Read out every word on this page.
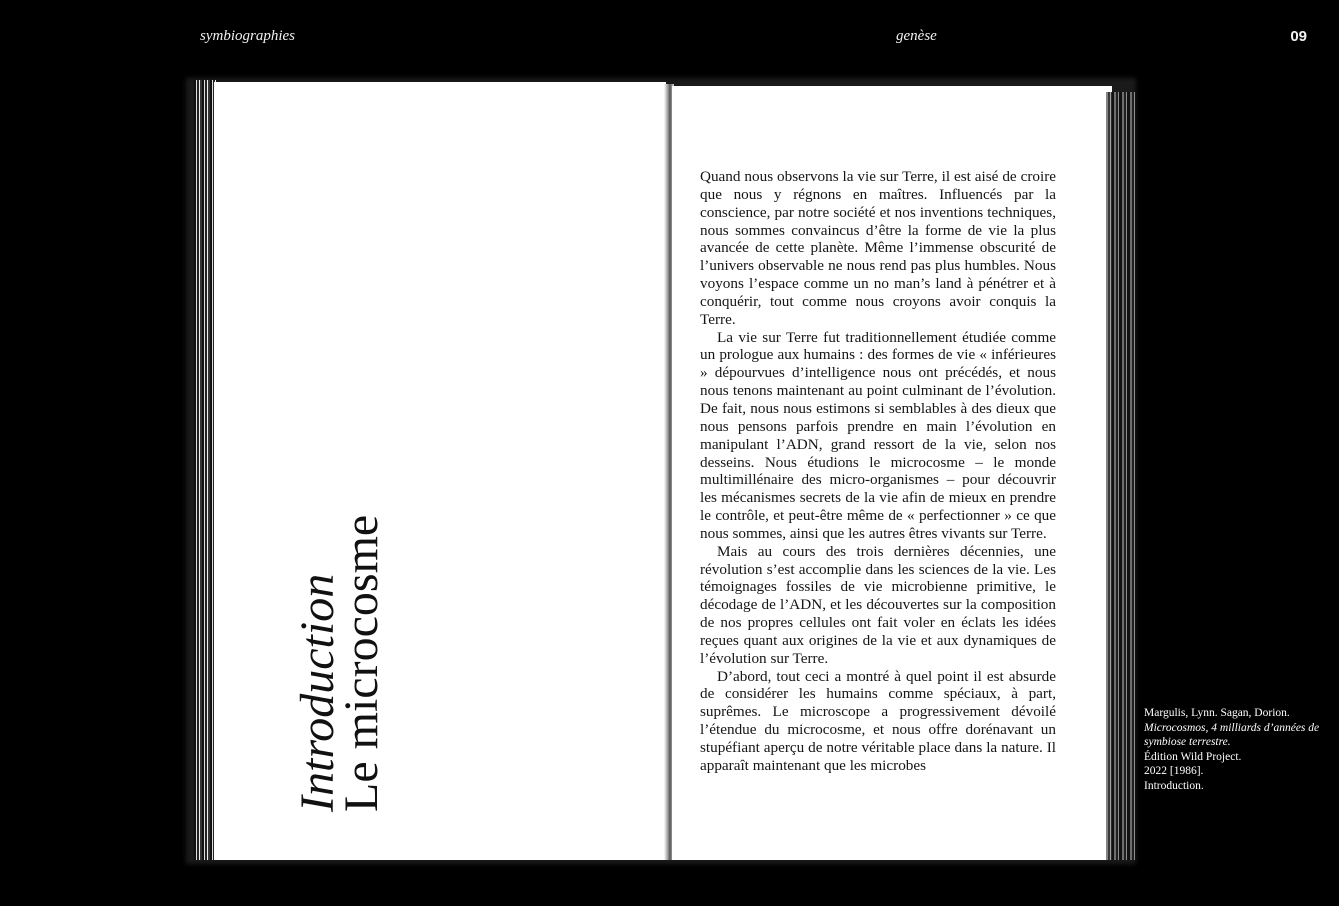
symbiographies	genèse	09
Introduction
Le microcosme

Quand nous observons la vie sur Terre, il est aisé de croire que nous y régnons en maîtres. Influencés par la conscience, par notre société et nos inventions techniques, nous sommes convaincus d’être la forme de vie la plus avancée de cette planète. Même l’immense obscurité de l’univers observable ne nous rend pas plus humbles. Nous voyons l’espace comme un no man’s land à pénétrer et à conquérir, tout comme nous croyons avoir conquis la Terre.

La vie sur Terre fut traditionnellement étudiée comme un prologue aux humains : des formes de vie « inférieures » dépourvues d’intelligence nous ont précédés, et nous nous tenons maintenant au point culminant de l’évolution. De fait, nous nous estimons si semblables à des dieux que nous pensons parfois prendre en main l’évolution en manipulant l’ADN, grand ressort de la vie, selon nos desseins. Nous étudions le microcosme – le monde multimillénaire des micro-organismes – pour découvrir les mécanismes secrets de la vie afin de mieux en prendre le contrôle, et peut-être même de « perfectionner » ce que nous sommes, ainsi que les autres êtres vivants sur Terre.

Mais au cours des trois dernières décennies, une révolution s’est accomplie dans les sciences de la vie. Les témoignages fossiles de vie microbienne primitive, le décodage de l’ADN, et les découvertes sur la composition de nos propres cellules ont fait voler en éclats les idées reçues quant aux origines de la vie et aux dynamiques de l’évolution sur Terre.

D’abord, tout ceci a montré à quel point il est absurde de considérer les humains comme spéciaux, à part, suprêmes. Le microscope a progressivement dévoilé l’étendue du microcosme, et nous offre dorénavant un stupéfiant aperçu de notre véritable place dans la nature. Il apparaît maintenant que les microbes

Margulis, Lynn. Sagan, Dorion.
Microcosmos, 4 milliards d’années de symbiose terrestre.
Édition Wild Project.
2022 [1986].
Introduction.
